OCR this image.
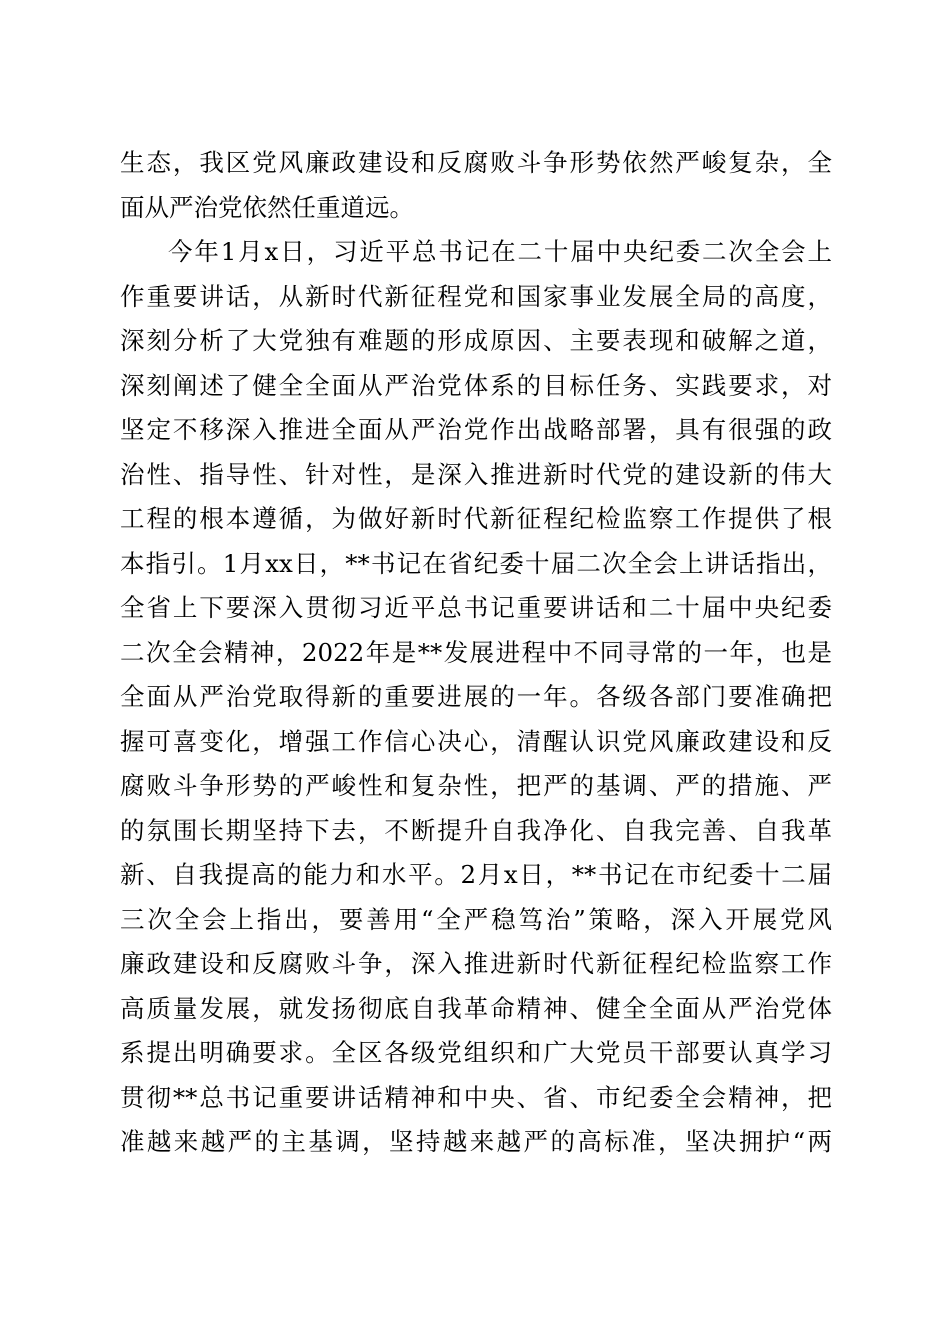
生态，我区党风廉政建设和反腐败斗争形势依然严峻复杂，全
面从严治党依然任重道远。
今年1月x日，习近平总书记在二十届中央纪委二次全会上
作重要讲话，从新时代新征程党和国家事业发展全局的高度，
深刻分析了大党独有难题的形成原因、主要表现和破解之道，
深刻阐述了健全全面从严治党体系的目标任务、实践要求，对
坚定不移深入推进全面从严治党作出战略部署，具有很强的政
治性、指导性、针对性，是深入推进新时代党的建设新的伟大
工程的根本遵循，为做好新时代新征程纪检监察工作提供了根
本指引。1月xx日，**书记在省纪委十届二次全会上讲话指出，
全省上下要深入贯彻习近平总书记重要讲话和二十届中央纪委
二次全会精神，2022年是**发展进程中不同寻常的一年，也是
全面从严治党取得新的重要进展的一年。各级各部门要准确把
握可喜变化，增强工作信心决心，清醒认识党风廉政建设和反
腐败斗争形势的严峻性和复杂性，把严的基调、严的措施、严
的氛围长期坚持下去，不断提升自我净化、自我完善、自我革
新、自我提高的能力和水平。2月x日，**书记在市纪委十二届
三次全会上指出，要善用“全严稳笃治”策略，深入开展党风
廉政建设和反腐败斗争，深入推进新时代新征程纪检监察工作
高质量发展，就发扬彻底自我革命精神、健全全面从严治党体
系提出明确要求。全区各级党组织和广大党员干部要认真学习
贯彻**总书记重要讲话精神和中央、省、市纪委全会精神，把
准越来越严的主基调，坚持越来越严的高标准，坚决拥护“两
